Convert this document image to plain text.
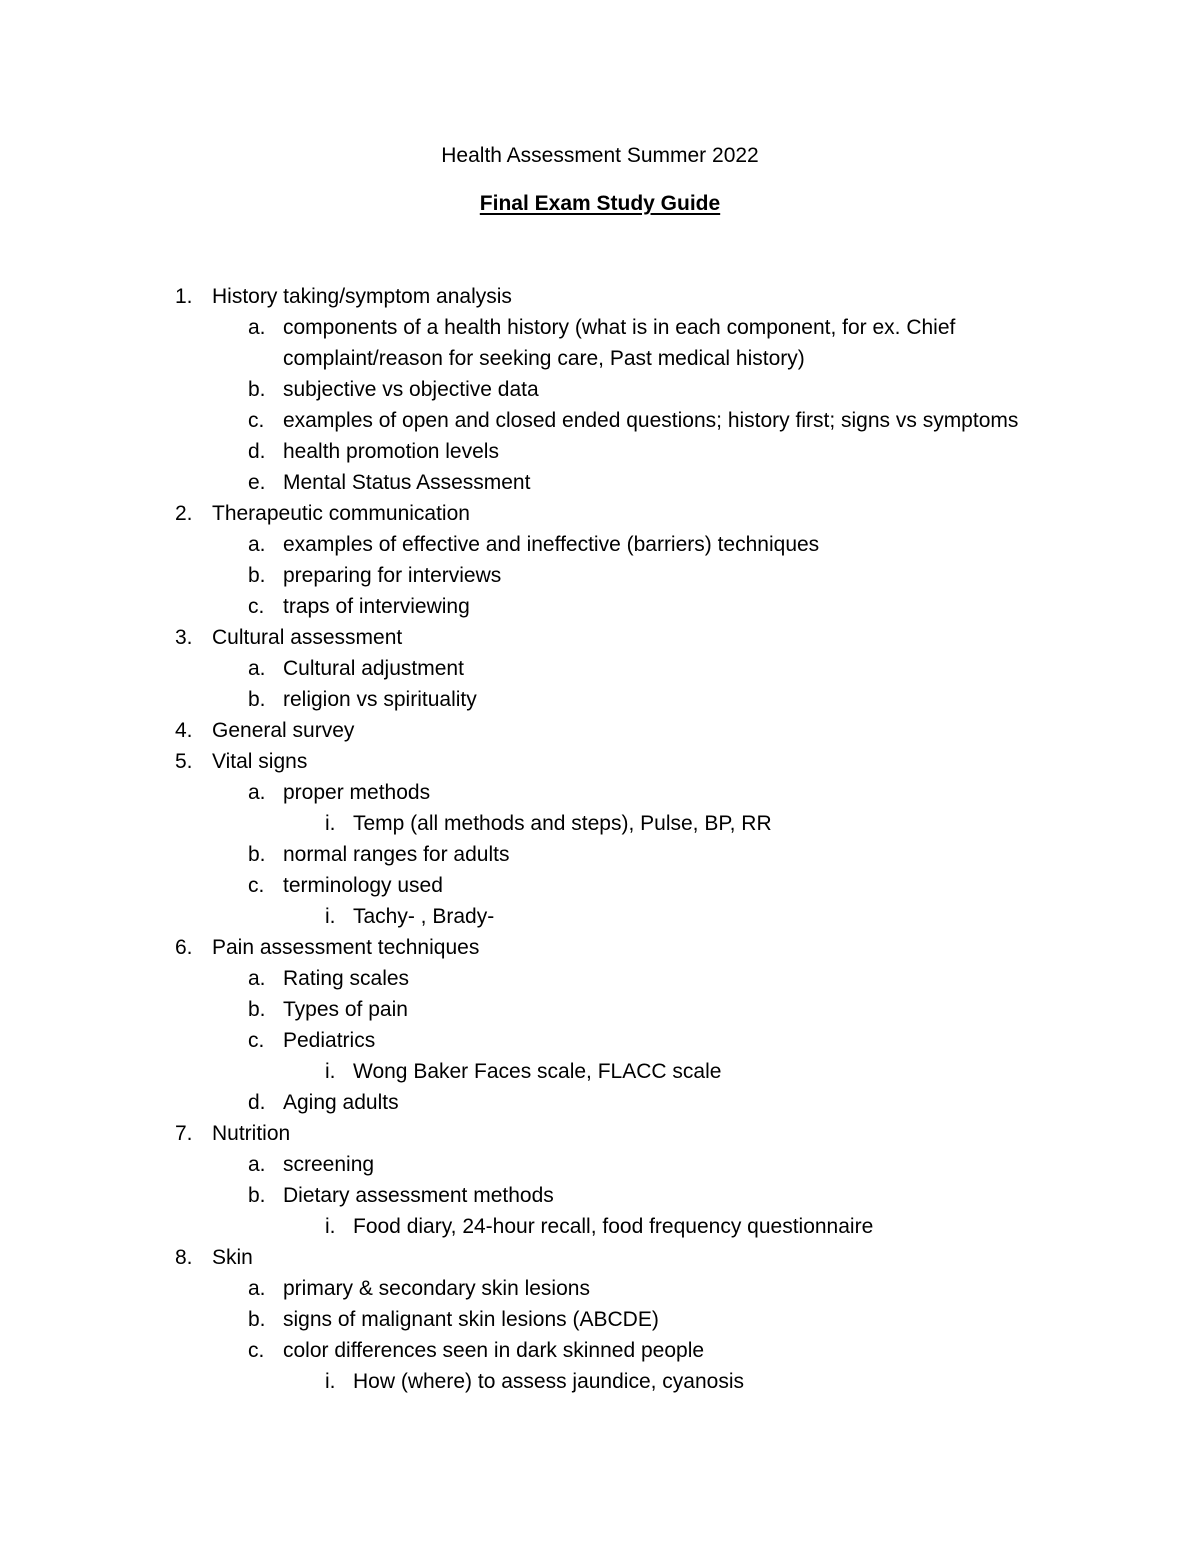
Health Assessment Summer 2022
Final Exam Study Guide
1. History taking/symptom analysis
a. components of a health history (what is in each component, for ex. Chief
complaint/reason for seeking care, Past medical history)
b. subjective vs objective data
c. examples of open and closed ended questions; history first; signs vs symptoms
d. health promotion levels
e. Mental Status Assessment
2. Therapeutic communication
a. examples of effective and ineffective (barriers) techniques
b. preparing for interviews
c. traps of interviewing
3. Cultural assessment
a. Cultural adjustment
b. religion vs spirituality
4. General survey
5. Vital signs
a. proper methods
i. Temp (all methods and steps), Pulse, BP, RR
b. normal ranges for adults
c. terminology used
i. Tachy- , Brady-
6. Pain assessment techniques
a. Rating scales
b. Types of pain
c. Pediatrics
i. Wong Baker Faces scale, FLACC scale
d. Aging adults
7. Nutrition
a. screening
b. Dietary assessment methods
i. Food diary, 24-hour recall, food frequency questionnaire
8. Skin
a. primary & secondary skin lesions
b. signs of malignant skin lesions (ABCDE)
c. color differences seen in dark skinned people
i. How (where) to assess jaundice, cyanosis
